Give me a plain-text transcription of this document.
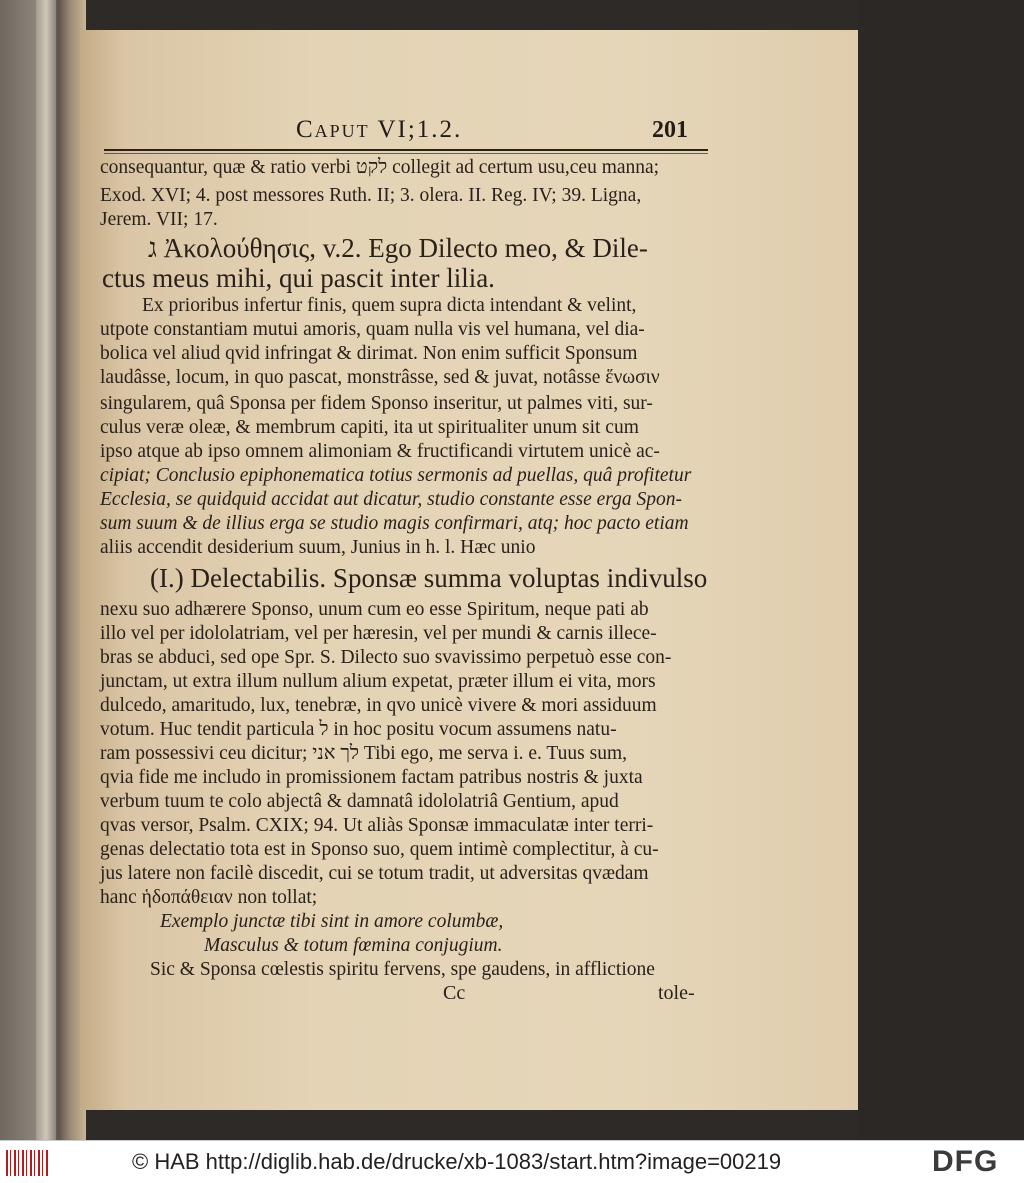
Caput VI;1.2.	201
consequantur, quæ & ratio verbi לקט collegit ad certum usu,ceu manna;
Exod. XVI; 4. post messores Ruth. II; 3. olera. II. Reg. IV; 39. Ligna,
Jerem. VII; 17.
ג Ἀκολούθησις, v.2. Ego Dilecto meo, & Dile-
ctus meus mihi, qui pascit inter lilia.
Ex prioribus infertur finis, quem supra dicta intendant & velint,
utpote constantiam mutui amoris, quam nulla vis vel humana, vel dia-
bolica vel aliud qvid infringat & dirimat. Non enim sufficit Sponsum
laudâsse, locum, in quo pascat, monstrâsse, sed & juvat, notâsse ἕνωσιν
singularem, quâ Sponsa per fidem Sponso inseritur, ut palmes viti, sur-
culus veræ oleæ, & membrum capiti, ita ut spiritualiter unum sit cum
ipso atque ab ipso omnem alimoniam & fructificandi virtutem unicè ac-
cipiat; Conclusio epiphonematica totius sermonis ad puellas, quâ profitetur
Ecclesia, se quidquid accidat aut dicatur, studio constante esse erga Spon-
sum suum & de illius erga se studio magis confirmari, atq; hoc pacto etiam
aliis accendit desiderium suum, Junius in h. l. Hæc unio
(I.) Delectabilis. Sponsæ summa voluptas indivulso
nexu suo adhærere Sponso, unum cum eo esse Spiritum, neque pati ab
illo vel per idololatriam, vel per hæresin, vel per mundi & carnis illece-
bras se abduci, sed ope Spr. S. Dilecto suo svavissimo perpetuò esse con-
junctam, ut extra illum nullum alium expetat, præter illum ei vita, mors
dulcedo, amaritudo, lux, tenebræ, in qvo unicè vivere & mori assiduum
votum. Huc tendit particula ל in hoc positu vocum assumens natu-
ram possessivi ceu dicitur; לך אני Tibi ego, me serva i. e. Tuus sum,
qvia fide me includo in promissionem factam patribus nostris & juxta
verbum tuum te colo abjectâ & damnatâ idololatriâ Gentium, apud
qvas versor, Psalm. CXIX; 94. Ut aliàs Sponsæ immaculatæ inter terri-
genas delectatio tota est in Sponso suo, quem intimè complectitur, à cu-
jus latere non facilè discedit, cui se totum tradit, ut adversitas qvædam
hanc ἡδοπάθειαν non tollat;
Exemplo junctæ tibi sint in amore columbæ,
Masculus & totum fœmina conjugium.
Sic & Sponsa cœlestis spiritu fervens, spe gaudens, in afflictione
Cc	tole-
© HAB http://diglib.hab.de/drucke/xb-1083/start.htm?image=00219	DFG
